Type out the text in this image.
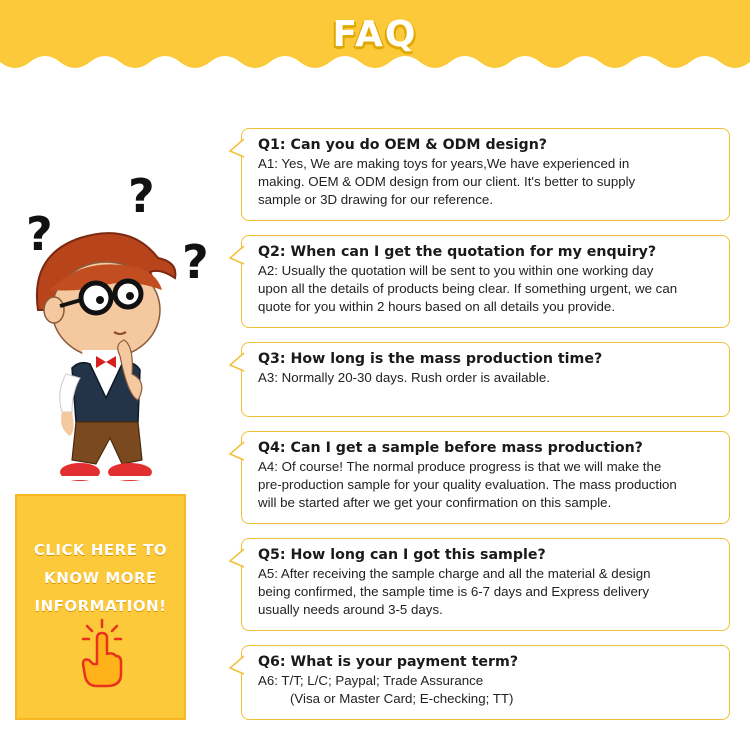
FAQ
?
?
?
CLICK HERE TO
KNOW MORE
INFORMATION!

Q1: Can you do OEM & ODM design?

A1: Yes, We are making toys for years,We have experienced in
making. OEM & ODM design from our client. It's better to supply
sample or 3D drawing for our reference.

Q2: When can I get the quotation for my enquiry?

A2: Usually the quotation will be sent to you within one working day
upon all the details of products being clear. If something urgent, we can
quote for you within 2 hours based on all details you provide.

Q3: How long is the mass production time?

A3: Normally 20-30 days. Rush order is available.

Q4: Can I get a sample before mass production?

A4: Of course! The normal produce progress is that we will make the
pre-production sample for your quality evaluation. The mass production
will be started after we get your confirmation on this sample.

Q5: How long can I got this sample?

A5: After receiving the sample charge and all the material & design
being confirmed, the sample time is 6-7 days and Express delivery
usually needs around 3-5 days.

Q6: What is your payment term?

A6: T/T; L/C; Paypal; Trade Assurance
(Visa or Master Card; E-checking; TT)
